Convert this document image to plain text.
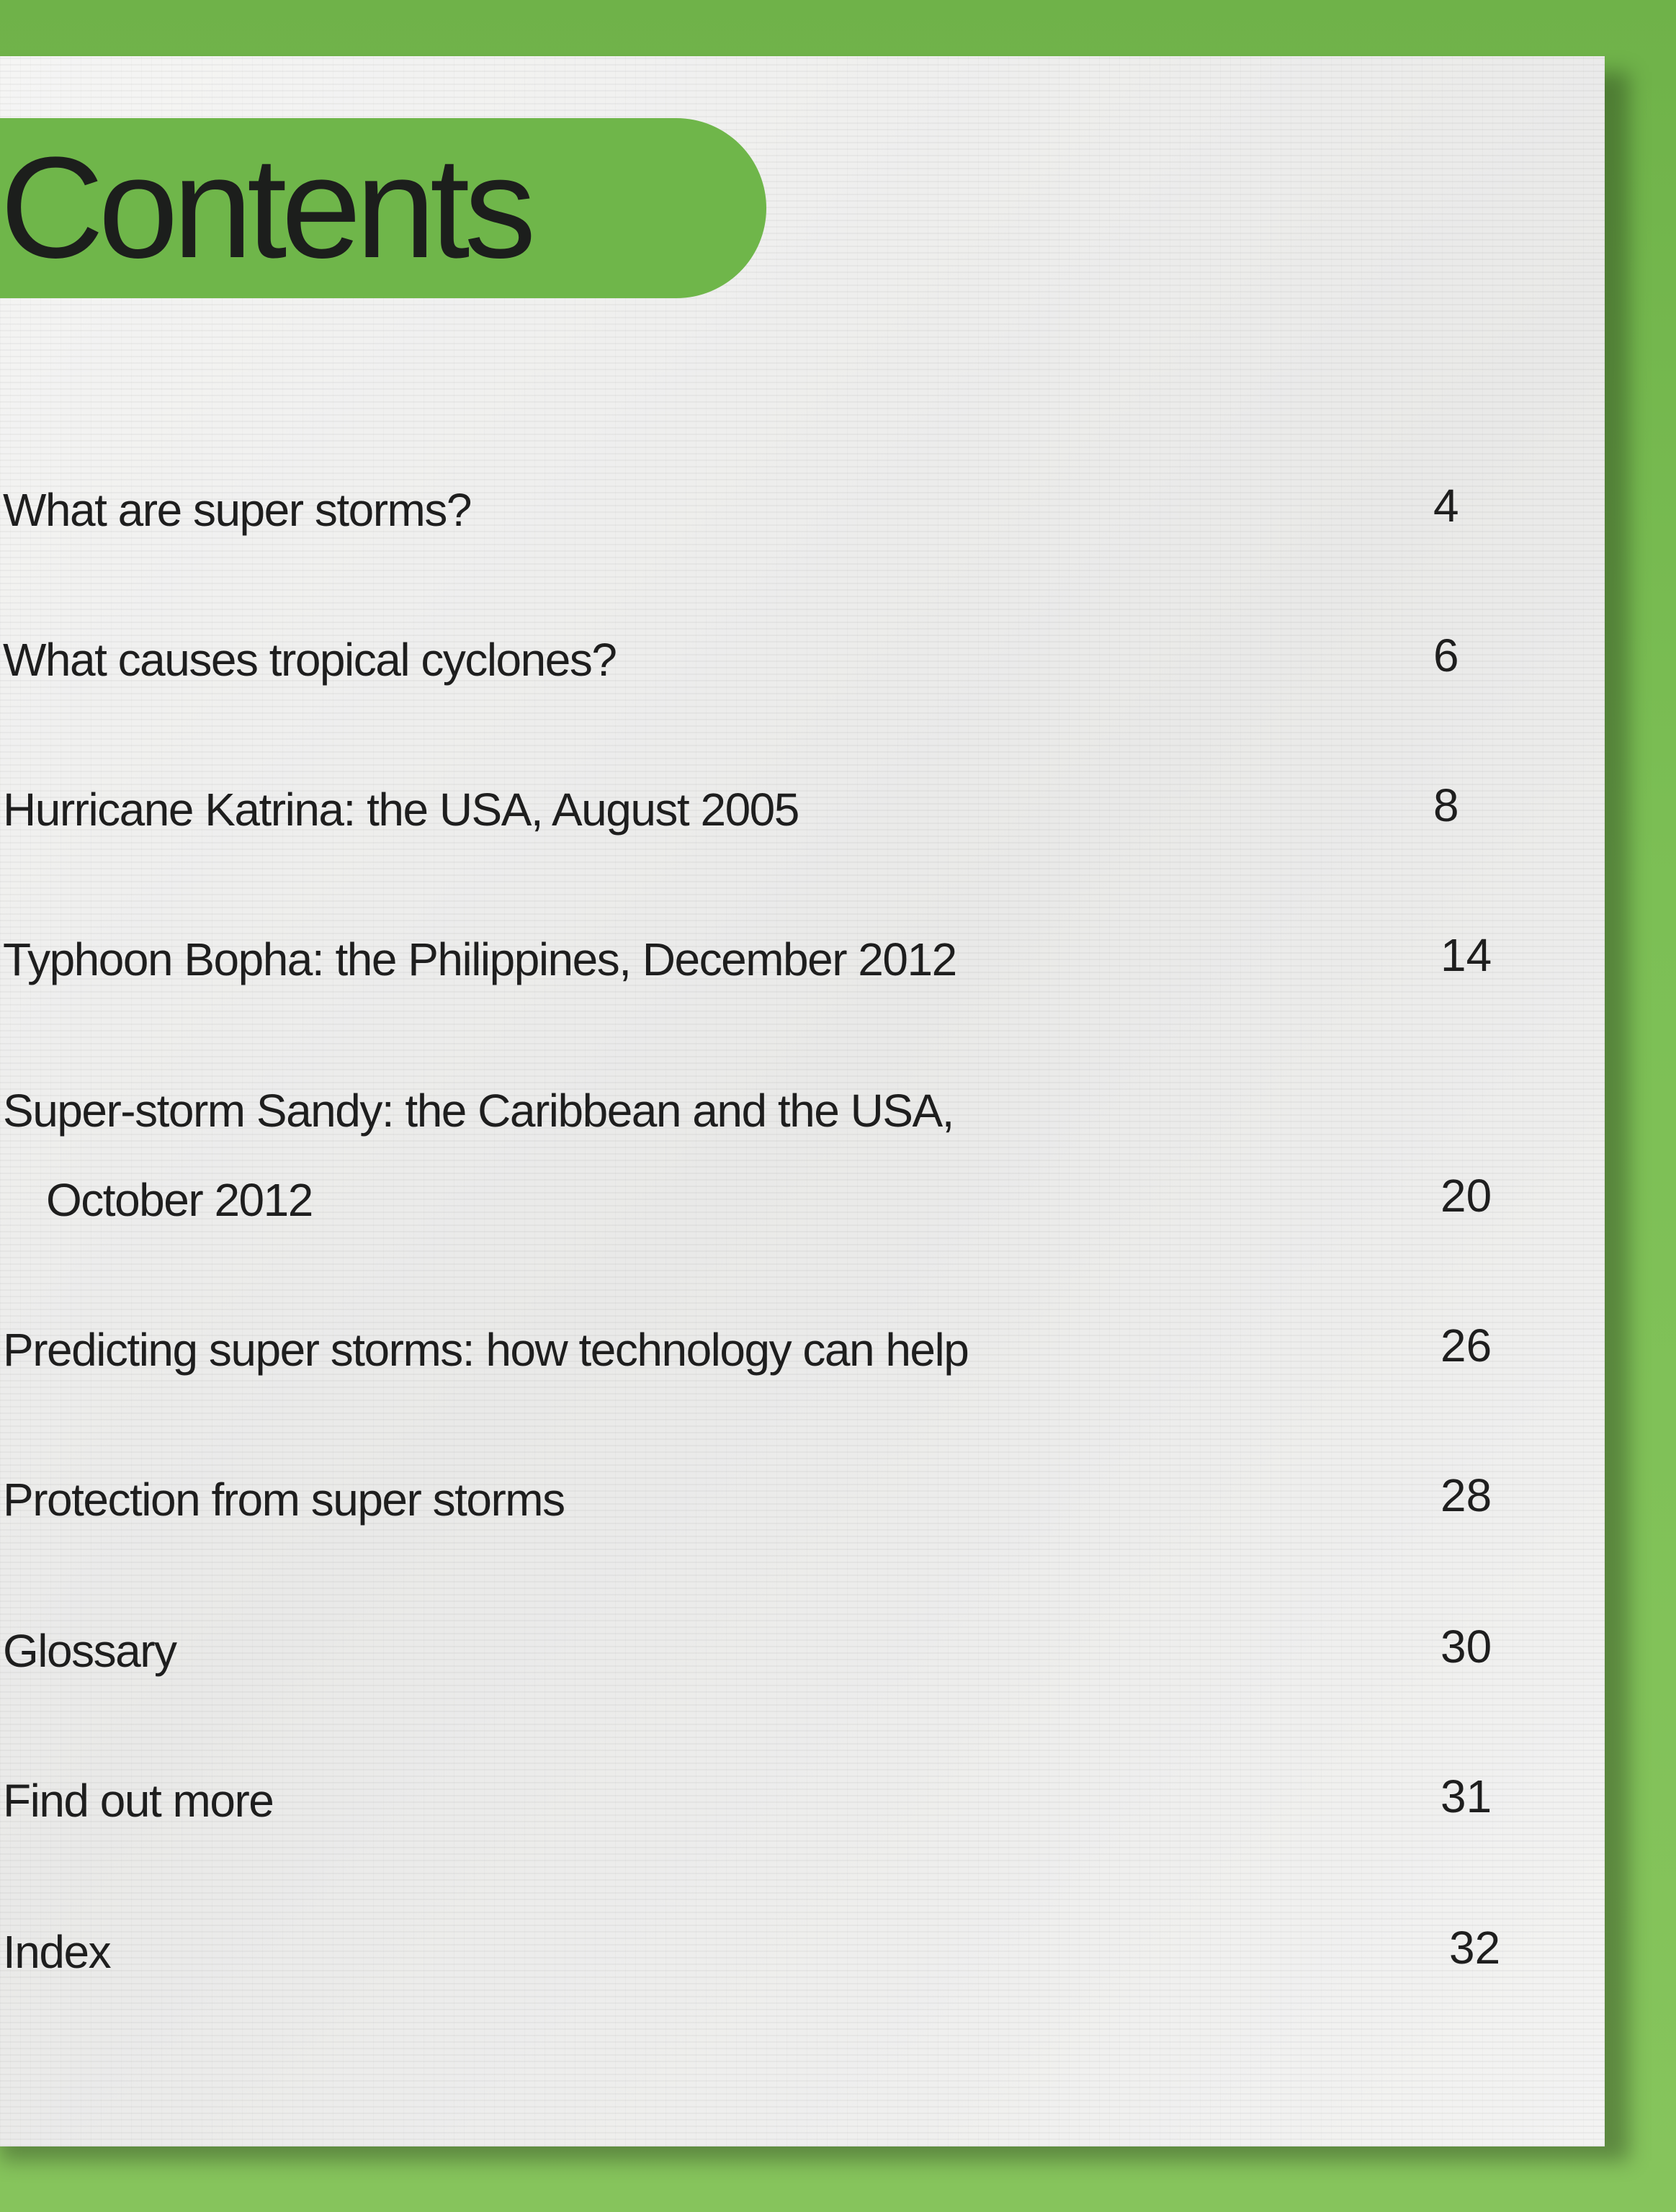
Contents
What are super storms?	4
What causes tropical cyclones?	6
Hurricane Katrina: the USA, August 2005	8
Typhoon Bopha: the Philippines, December 2012	14
Super-storm Sandy: the Caribbean and the USA,
October 2012	20
Predicting super storms: how technology can help	26
Protection from super storms	28
Glossary	30
Find out more	31
Index	32
